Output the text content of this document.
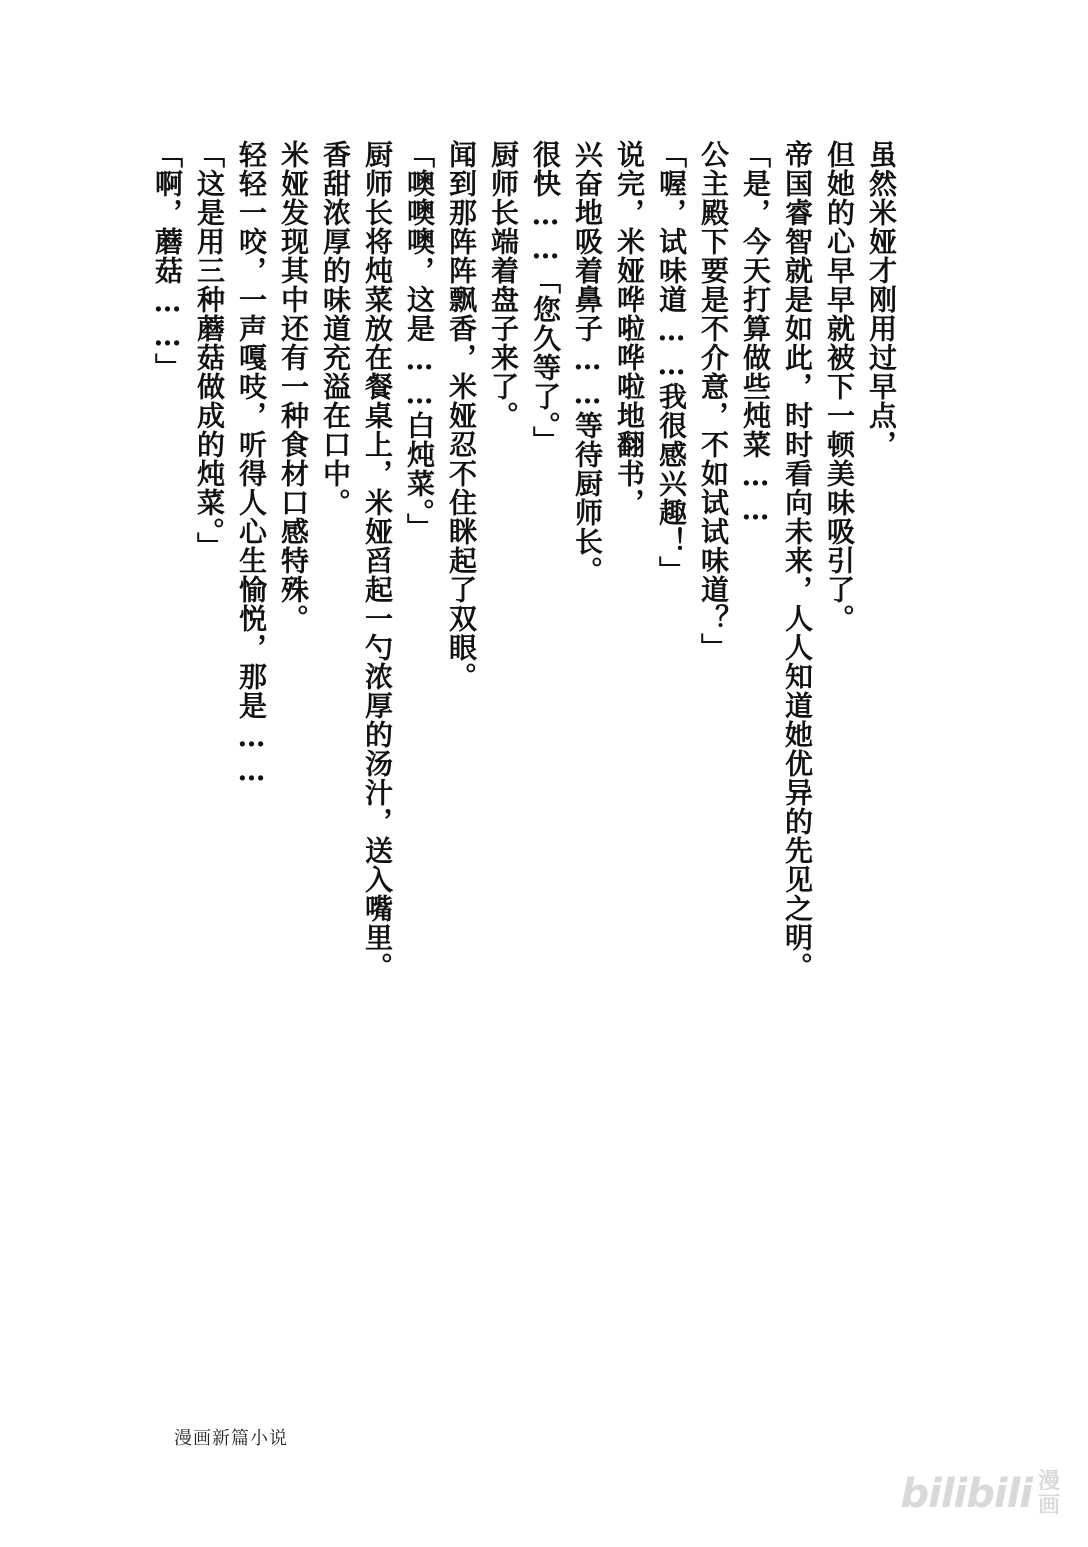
虽然米娅才刚用过早点，
但她的心早早就被下一顿美味吸引了。
帝国睿智就是如此，时时看向未来，人人知道她优异的先见之明。
「是，今天打算做些炖菜……
公主殿下要是不介意，不如试试味道？」
「喔，试味道……我很感兴趣！」
说完，米娅哗啦哗啦地翻书，
兴奋地吸着鼻子……等待厨师长。
很快……「您久等了。」
厨师长端着盘子来了。
闻到那阵阵飘香，米娅忍不住眯起了双眼。
「噢噢噢，这是……白炖菜。」
厨师长将炖菜放在餐桌上，米娅舀起一勺浓厚的汤汁，送入嘴里。
香甜浓厚的味道充溢在口中。
米娅发现其中还有一种食材口感特殊。
轻轻一咬，一声嘎吱，听得人心生愉悦，那是……
「这是用三种蘑菇做成的炖菜。」
「啊，蘑菇……」
漫画新篇小说
bilibili 漫
画
